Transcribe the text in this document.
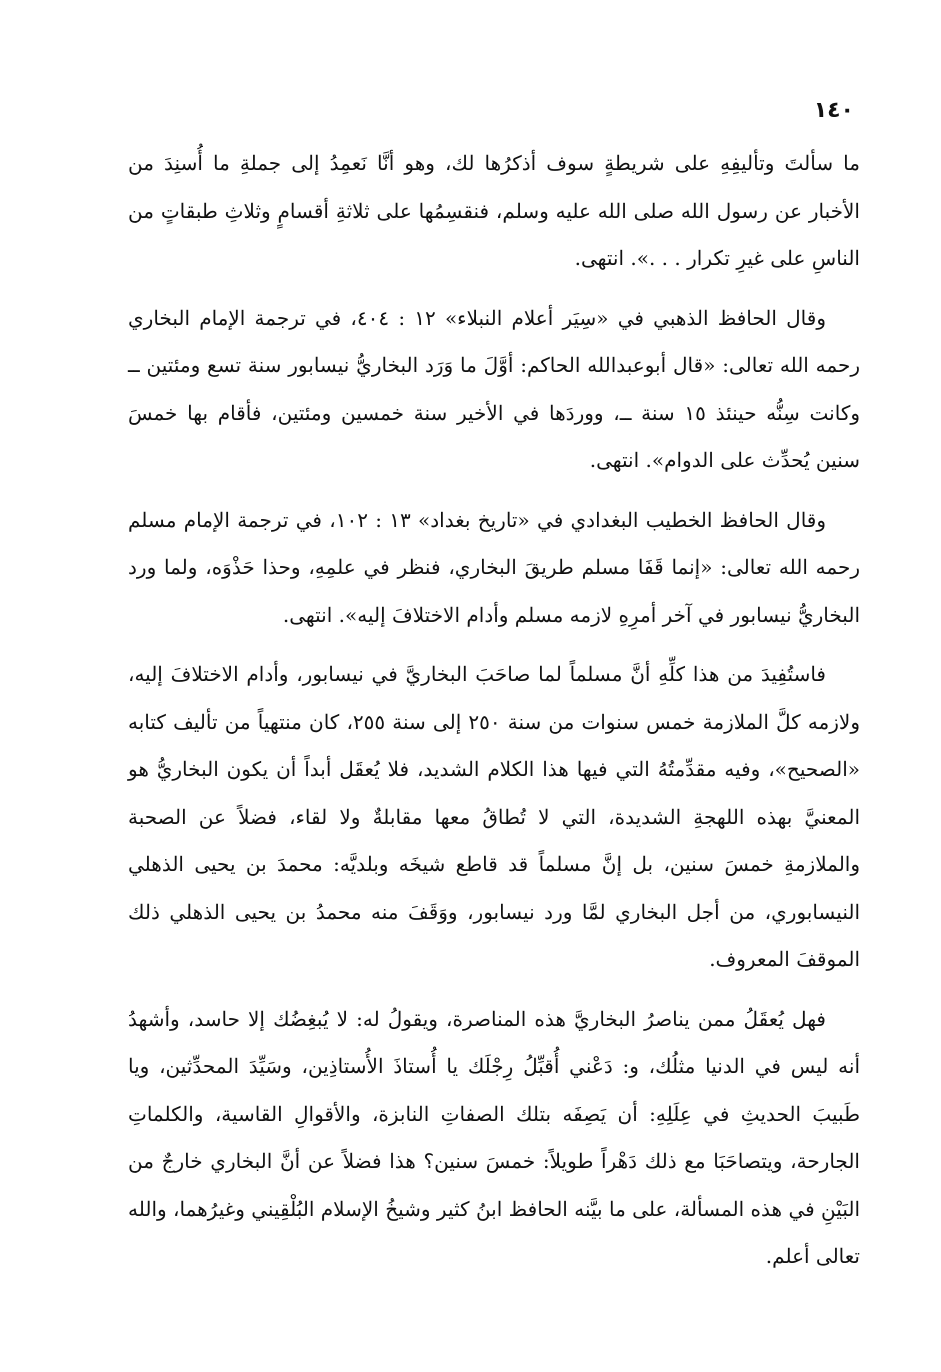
١٤٠

ما سألتَ وتأليفِهِ على شريطةٍ سوف أذكرُها لك، وهو أنَّا نَعمِدُ إلى جملةِ ما أُسنِدَ من الأخبار عن رسول الله صلى الله عليه وسلم، فنقسِمُها على ثلاثةِ أقسامٍ وثلاثِ طبقاتٍ من الناسِ على غيرِ تكرار . . .». انتهى.

وقال الحافظ الذهبي في «سِيَر أعلام النبلاء» ١٢ : ٤٠٤، في ترجمة الإمام البخاري رحمه الله تعالى: «قال أبوعبدالله الحاكم: أوَّلَ ما وَرَد البخاريُّ نيسابور سنة تسع ومئتين ــ وكانت سِنُّه حينئذ ١٥ سنة ــ، ووردَها في الأخير سنة خمسين ومئتين، فأقام بها خمسَ سنين يُحدِّث على الدوام». انتهى.

وقال الحافظ الخطيب البغدادي في «تاريخ بغداد» ١٣ : ١٠٢، في ترجمة الإمام مسلم رحمه الله تعالى: «إنما قَفَا مسلم طريقَ البخاري، فنظر في علمِهِ، وحذا حَذْوَه، ولما ورد البخاريُّ نيسابور في آخر أمرِهِ لازمه مسلم وأدام الاختلافَ إليه». انتهى.

فاستُفِيدَ من هذا كلِّهِ أنَّ مسلماً لما صاحَبَ البخاريَّ في نيسابور، وأدام الاختلافَ إليه، ولازمه كلَّ الملازمة خمس سنوات من سنة ٢٥٠ إلى سنة ٢٥٥، كان منتهياً من تأليف كتابه «الصحيح»، وفيه مقدِّمتُهُ التي فيها هذا الكلام الشديد، فلا يُعقَل أبداً أن يكون البخاريُّ هو المعنيَّ بهذه اللهجةِ الشديدة، التي لا تُطاقُ معها مقابلةٌ ولا لقاء، فضلاً عن الصحبة والملازمةِ خمسَ سنين، بل إنَّ مسلماً قد قاطع شيخَه وبلديَّه: محمدَ بن يحيى الذهلي النيسابوري، من أجل البخاري لمَّا ورد نيسابور، ووَقَفَ منه محمدُ بن يحيى الذهلي ذلك الموقفَ المعروف.

فهل يُعقَلُ ممن يناصرُ البخاريَّ هذه المناصرة، ويقولُ له: لا يُبغِضُك إلا حاسد، وأشهدُ أنه ليس في الدنيا مثلُك، و: دَعْني أُقبِّلُ رِجْلَك يا أُستاذَ الأُستاذِين، وسَيِّدَ المحدِّثين، ويا طَبيبَ الحديثِ في عِلَلِهِ: أن يَصِفَه بتلك الصفاتِ النابزة، والأقوالِ القاسية، والكلماتِ الجارحة، ويتصاحَبَا مع ذلك دَهْراً طويلاً: خمسَ سنين؟ هذا فضلاً عن أنَّ البخاري خارجٌ من البَيْنِ في هذه المسألة، على ما بيَّنه الحافظ ابنُ كثير وشيخُ الإسلام البُلْقِيني وغيرُهما، والله تعالى أعلم.
